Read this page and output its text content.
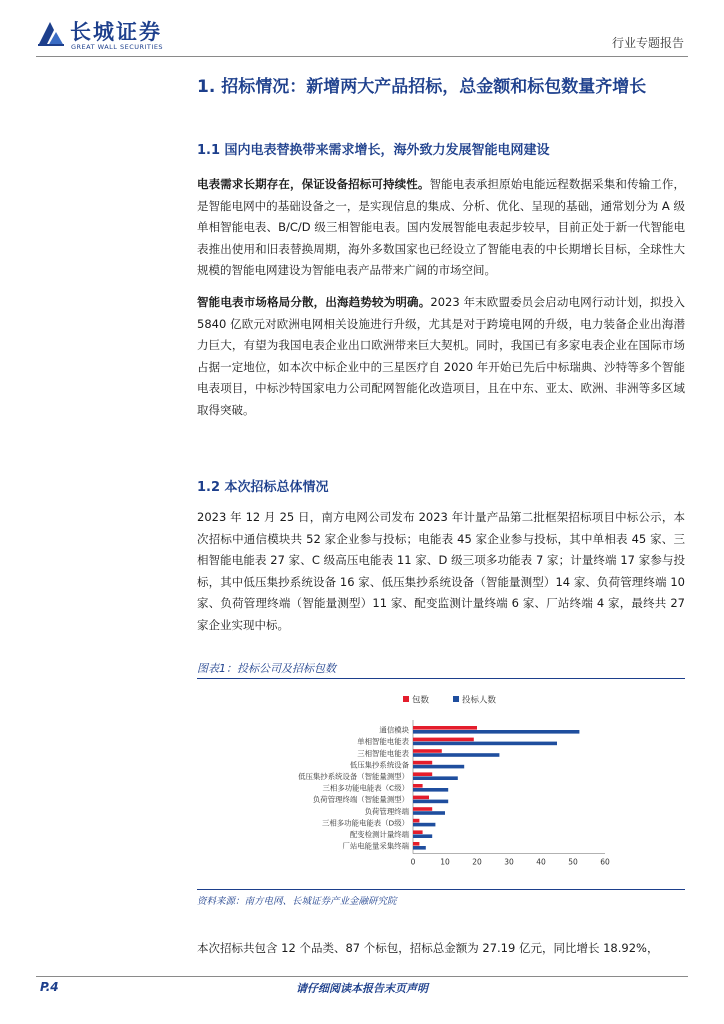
长城证券
GREAT WALL SECURITIES	行业专题报告
1. 招标情况：新增两大产品招标，总金额和标包数量齐增长
1.1 国内电表替换带来需求增长，海外致力发展智能电网建设

电表需求长期存在，保证设备招标可持续性。智能电表承担原始电能远程数据采集和传输工作，是智能电网中的基础设备之一，是实现信息的集成、分析、优化、呈现的基础，通常划分为 A 级单相智能电表、B/C/D 级三相智能电表。国内发展智能电表起步较早，目前正处于新一代智能电表推出使用和旧表替换周期，海外多数国家也已经设立了智能电表的中长期增长目标，全球性大规模的智能电网建设为智能电表产品带来广阔的市场空间。

智能电表市场格局分散，出海趋势较为明确。2023 年末欧盟委员会启动电网行动计划，拟投入 5840 亿欧元对欧洲电网相关设施进行升级，尤其是对于跨境电网的升级，电力装备企业出海潜力巨大，有望为我国电表企业出口欧洲带来巨大契机。同时，我国已有多家电表企业在国际市场占据一定地位，如本次中标企业中的三星医疗自 2020 年开始已先后中标瑞典、沙特等多个智能电表项目，中标沙特国家电力公司配网智能化改造项目，且在中东、亚太、欧洲、非洲等多区域取得突破。

1.2 本次招标总体情况

2023 年 12 月 25 日，南方电网公司发布 2023 年计量产品第二批框架招标项目中标公示，本次招标中通信模块共 52 家企业参与投标；电能表 45 家企业参与投标，其中单相表 45 家、三相智能电能表 27 家、C 级高压电能表 11 家、D 级三项多功能表 7 家；计量终端 17 家参与投标，其中低压集抄系统设备 16 家、低压集抄系统设备（智能量测型）14 家、负荷管理终端 10 家、负荷管理终端（智能量测型）11 家、配变监测计量终端 6 家、厂站终端 4 家，最终共 27 家企业实现中标。

图表1：投标公司及招标包数
包数	投标人数
0	10	20	30	40	50	60
通信模块
单相智能电能表
三相智能电能表
低压集抄系统设备
低压集抄系统设备（智能量测型）
三相多功能电能表（C级）
负荷管理终端（智能量测型）
负荷管理终端
三相多功能电能表（D级）
配变检测计量终端
厂站电能量采集终端
资料来源：南方电网、长城证券产业金融研究院

本次招标共包含 12 个品类、87 个标包，招标总金额为 27.19 亿元，同比增长 18.92%，

P.4	请仔细阅读本报告末页声明
